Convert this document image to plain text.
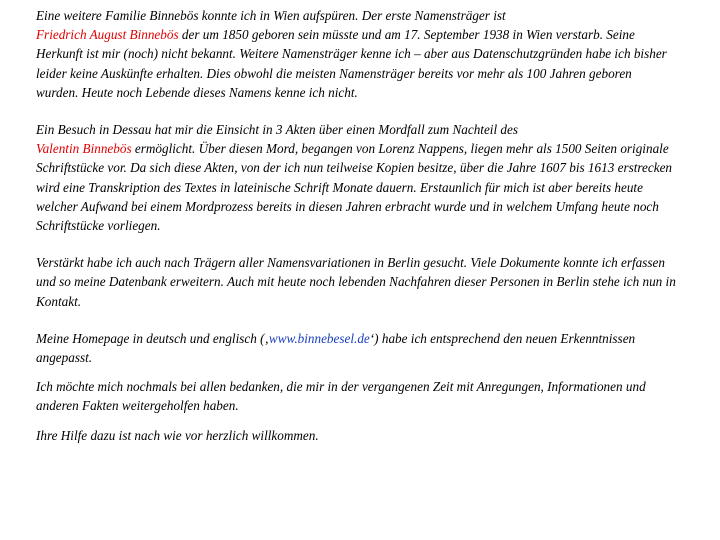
Eine weitere Familie Binnebös konnte ich in Wien aufspüren. Der erste Namensträger ist
Friedrich August Binnebös der um 1850 geboren sein müsste und am 17. September 1938 in Wien verstarb. Seine Herkunft ist mir (noch) nicht bekannt. Weitere Namensträger kenne ich – aber aus Datenschutzgründen habe ich bisher leider keine Auskünfte erhalten. Dies obwohl die meisten Namensträger bereits vor mehr als 100 Jahren geboren wurden. Heute noch Lebende dieses Namens kenne ich nicht.

Ein Besuch in Dessau hat mir die Einsicht in 3 Akten über einen Mordfall zum Nachteil des
Valentin Binnebös ermöglicht. Über diesen Mord, begangen von Lorenz Nappens, liegen mehr als 1500 Seiten originale Schriftstücke vor. Da sich diese Akten, von der ich nun teilweise Kopien besitze, über die Jahre 1607 bis 1613 erstrecken wird eine Transkription des Textes in lateinische Schrift Monate dauern. Erstaunlich für mich ist aber bereits heute welcher Aufwand bei einem Mordprozess bereits in diesen Jahren erbracht wurde und in welchem Umfang heute noch Schriftstücke vorliegen.

Verstärkt habe ich auch nach Trägern aller Namensvariationen in Berlin gesucht. Viele Dokumente konnte ich erfassen und so meine Datenbank erweitern. Auch mit heute noch lebenden Nachfahren dieser Personen in Berlin stehe ich nun in Kontakt.

Meine Homepage in deutsch und englisch (‚www.binnebesel.de‘) habe ich entsprechend den neuen Erkenntnissen angepasst.

Ich möchte mich nochmals bei allen bedanken, die mir in der vergangenen Zeit mit Anregungen, Informationen und anderen Fakten weitergeholfen haben.

Ihre Hilfe dazu ist nach wie vor herzlich willkommen.
